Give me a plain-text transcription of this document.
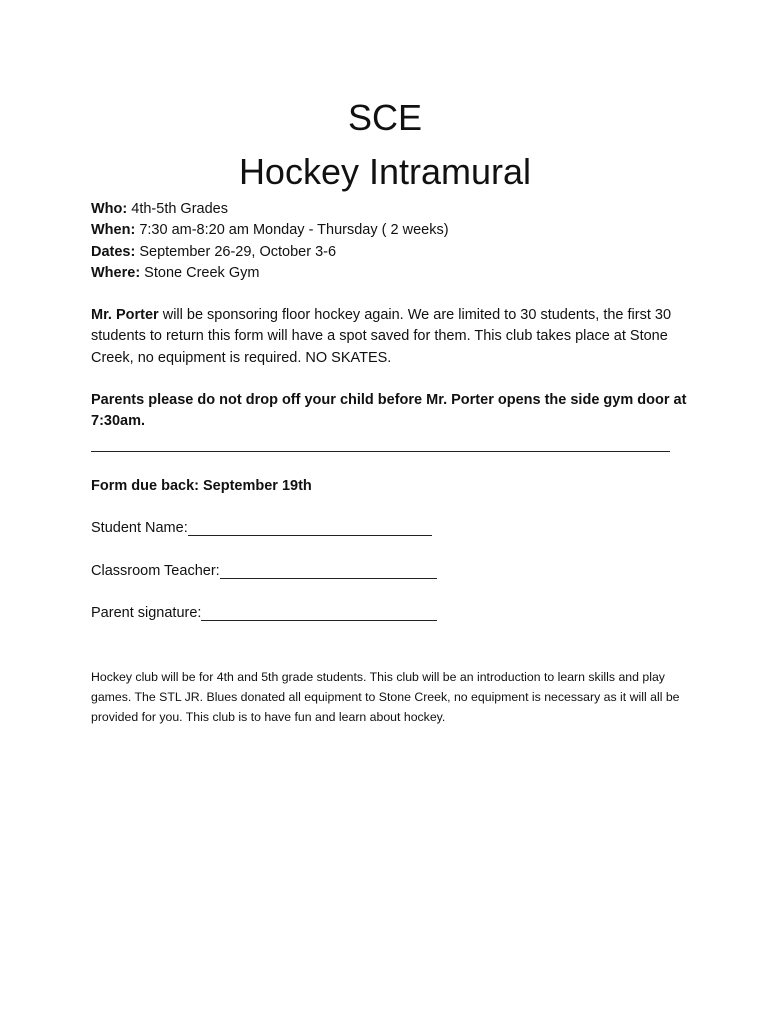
SCE
Hockey Intramural
Who: 4th-5th Grades
When: 7:30 am-8:20 am Monday - Thursday ( 2 weeks)
Dates: September 26-29, October 3-6
Where: Stone Creek Gym
Mr. Porter will be sponsoring floor hockey again. We are limited to 30 students, the first 30 students to return this form will have a spot saved for them. This club takes place at Stone Creek, no equipment is required. NO SKATES.
Parents please do not drop off your child before Mr. Porter opens the side gym door at 7:30am.
Form due back: September 19th
Student Name:
Classroom Teacher:
Parent signature:
Hockey club will be for 4th and 5th grade students. This club will be an introduction to learn skills and play games. The STL JR. Blues donated all equipment to Stone Creek, no equipment is necessary as it will all be provided for you. This club is to have fun and learn about hockey.
